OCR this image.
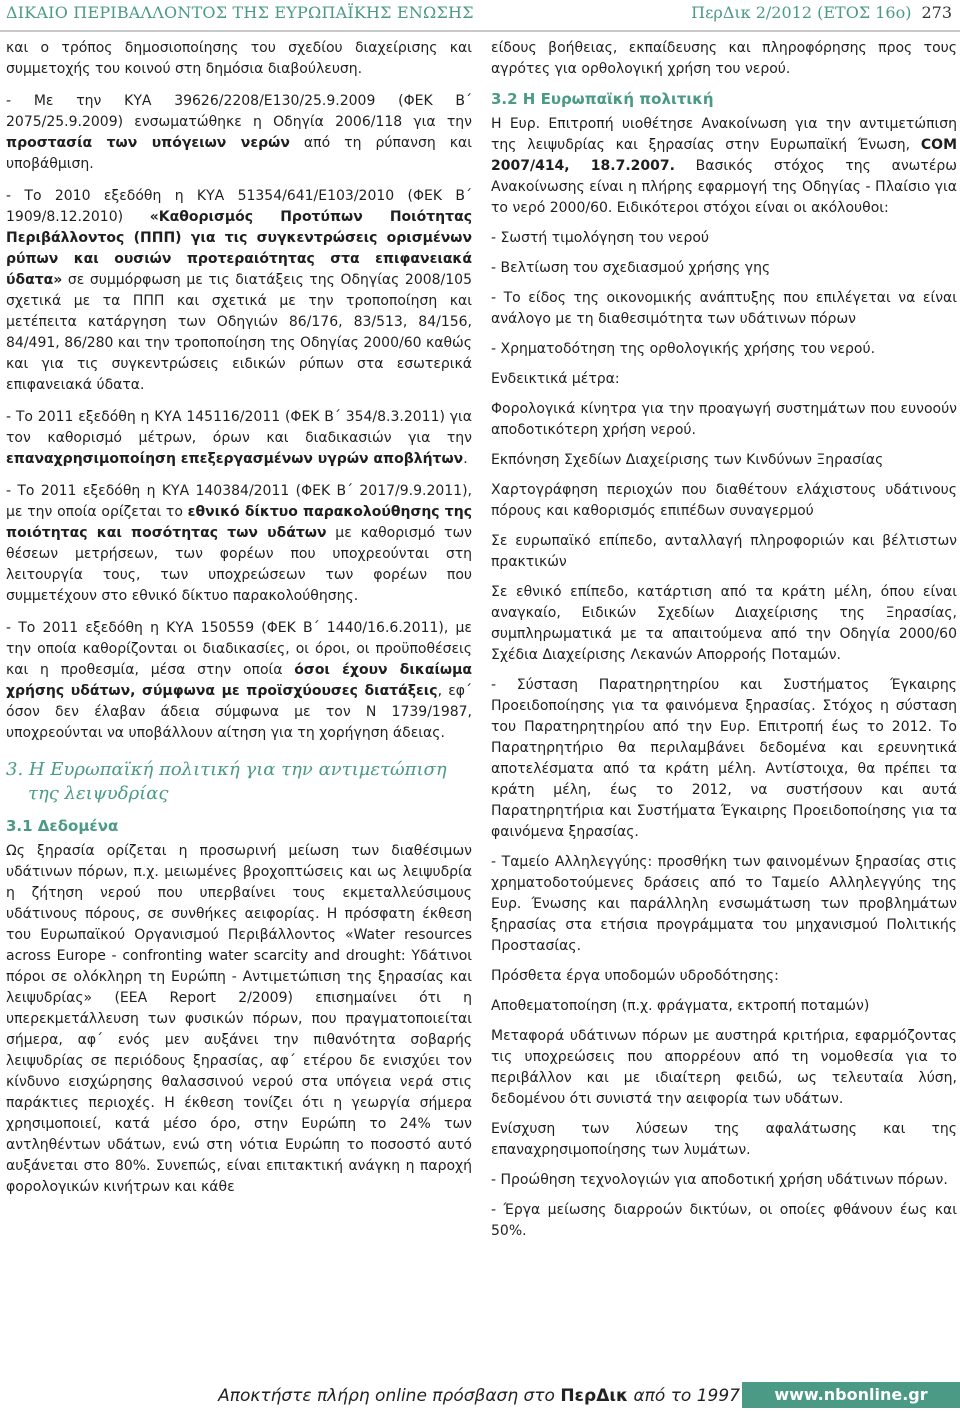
ΔΙΚΑΙΟ ΠΕΡΙΒΑΛΛΟΝΤΟΣ ΤΗΣ ΕΥΡΩΠΑΪΚΗΣ ΕΝΩΣΗΣ	ΠερΔικ 2/2012 (ΕΤΟΣ 16ο) 273

και ο τρόπος δημοσιοποίησης του σχεδίου διαχείρισης και συμμετοχής του κοινού στη δημόσια διαβούλευση.

- Με την ΚΥΑ 39626/2208/Ε130/25.9.2009 (ΦΕΚ Β΄ 2075/25.9.2009) ενσωματώθηκε η Οδηγία 2006/118 για την προστασία των υπόγειων νερών από τη ρύπανση και υποβάθμιση.

- Το 2010 εξεδόθη η ΚΥΑ 51354/641/Ε103/2010 (ΦΕΚ Β΄ 1909/8.12.2010) «Καθορισμός Προτύπων Ποιότητας Περιβάλλοντος (ΠΠΠ) για τις συγκεντρώσεις ορισμένων ρύπων και ουσιών προτεραιότητας στα επιφανειακά ύδατα» σε συμμόρφωση με τις διατάξεις της Οδηγίας 2008/105 σχετικά με τα ΠΠΠ και σχετικά με την τροποποίηση και μετέπειτα κατάργηση των Οδηγιών 86/176, 83/513, 84/156, 84/491, 86/280 και την τροποποίηση της Οδηγίας 2000/60 καθώς και για τις συγκεντρώσεις ειδικών ρύπων στα εσωτερικά επιφανειακά ύδατα.

- Το 2011 εξεδόθη η ΚΥΑ 145116/2011 (ΦΕΚ Β΄ 354/8.3.2011) για τον καθορισμό μέτρων, όρων και διαδικασιών για την επαναχρησιμοποίηση επεξεργασμένων υγρών αποβλήτων.

- Το 2011 εξεδόθη η ΚΥΑ 140384/2011 (ΦΕΚ Β΄ 2017/9.9.2011), με την οποία ορίζεται το εθνικό δίκτυο παρακολούθησης της ποιότητας και ποσότητας των υδάτων με καθορισμό των θέσεων μετρήσεων, των φορέων που υποχρεούνται στη λειτουργία τους, των υποχρεώσεων των φορέων που συμμετέχουν στο εθνικό δίκτυο παρακολούθησης.

- Το 2011 εξεδόθη η ΚΥΑ 150559 (ΦΕΚ Β΄ 1440/16.6.2011), με την οποία καθορίζονται οι διαδικασίες, οι όροι, οι προϋποθέσεις και η προθεσμία, μέσα στην οποία όσοι έχουν δικαίωμα χρήσης υδάτων, σύμφωνα με προϊσχύουσες διατάξεις, εφ΄ όσον δεν έλαβαν άδεια σύμφωνα με τον Ν 1739/1987, υποχρεούνται να υποβάλλουν αίτηση για τη χορήγηση άδειας.

3. Η Ευρωπαϊκή πολιτική για την αντιμετώπιση
της λειψυδρίας
3.1 Δεδομένα

Ως ξηρασία ορίζεται η προσωρινή μείωση των διαθέσιμων υδάτινων πόρων, π.χ. μειωμένες βροχοπτώσεις και ως λειψυδρία η ζήτηση νερού που υπερβαίνει τους εκμεταλλεύσιμους υδάτινους πόρους, σε συνθήκες αειφορίας. Η πρόσφατη έκθεση του Ευρωπαϊκού Οργανισμού Περιβάλλοντος «Water resources across Europe - confronting water scarcity and drought: Υδάτινοι πόροι σε ολόκληρη τη Ευρώπη - Αντιμετώπιση της ξηρασίας και λειψυδρίας» (EEA Report 2/2009) επισημαίνει ότι η υπερεκμετάλλευση των φυσικών πόρων, που πραγματοποιείται σήμερα, αφ΄ ενός μεν αυξάνει την πιθανότητα σοβαρής λειψυδρίας σε περιόδους ξηρασίας, αφ΄ ετέρου δε ενισχύει τον κίνδυνο εισχώρησης θαλασσινού νερού στα υπόγεια νερά στις παράκτιες περιοχές. Η έκθεση τονίζει ότι η γεωργία σήμερα χρησιμοποιεί, κατά μέσο όρο, στην Ευρώπη το 24% των αντληθέντων υδάτων, ενώ στη νότια Ευρώπη το ποσοστό αυτό αυξάνεται στο 80%. Συνεπώς, είναι επιτακτική ανάγκη η παροχή φορολογικών κινήτρων και κάθε

είδους βοήθειας, εκπαίδευσης και πληροφόρησης προς τους αγρότες για ορθολογική χρήση του νερού.

3.2 Η Ευρωπαϊκή πολιτική

Η Ευρ. Επιτροπή υιοθέτησε Ανακοίνωση για την αντιμετώπιση της λειψυδρίας και ξηρασίας στην Ευρωπαϊκή Ένωση, COM 2007/414, 18.7.2007. Βασικός στόχος της ανωτέρω Ανακοίνωσης είναι η πλήρης εφαρμογή της Οδηγίας - Πλαίσιο για το νερό 2000/60. Ειδικότεροι στόχοι είναι οι ακόλουθοι:

- Σωστή τιμολόγηση του νερού

- Βελτίωση του σχεδιασμού χρήσης γης

- Το είδος της οικονομικής ανάπτυξης που επιλέγεται να είναι ανάλογο με τη διαθεσιμότητα των υδάτινων πόρων

- Χρηματοδότηση της ορθολογικής χρήσης του νερού.

Ενδεικτικά μέτρα:

Φορολογικά κίνητρα για την προαγωγή συστημάτων που ευνοούν αποδοτικότερη χρήση νερού.

Εκπόνηση Σχεδίων Διαχείρισης των Κινδύνων Ξηρασίας

Χαρτογράφηση περιοχών που διαθέτουν ελάχιστους υδάτινους πόρους και καθορισμός επιπέδων συναγερμού

Σε ευρωπαϊκό επίπεδο, ανταλλαγή πληροφοριών και βέλτιστων πρακτικών

Σε εθνικό επίπεδο, κατάρτιση από τα κράτη μέλη, όπου είναι αναγκαίο, Ειδικών Σχεδίων Διαχείρισης της Ξηρασίας, συμπληρωματικά με τα απαιτούμενα από την Οδηγία 2000/60 Σχέδια Διαχείρισης Λεκανών Απορροής Ποταμών.

- Σύσταση Παρατηρητηρίου και Συστήματος Έγκαιρης Προειδοποίησης για τα φαινόμενα ξηρασίας. Στόχος η σύσταση του Παρατηρητηρίου από την Ευρ. Επιτροπή έως το 2012. Το Παρατηρητήριο θα περιλαμβάνει δεδομένα και ερευνητικά αποτελέσματα από τα κράτη μέλη. Αντίστοιχα, θα πρέπει τα κράτη μέλη, έως το 2012, να συστήσουν και αυτά Παρατηρητήρια και Συστήματα Έγκαιρης Προειδοποίησης για τα φαινόμενα ξηρασίας.

- Ταμείο Αλληλεγγύης: προσθήκη των φαινομένων ξηρασίας στις χρηματοδοτούμενες δράσεις από το Ταμείο Αλληλεγγύης της Ευρ. Ένωσης και παράλληλη ενσωμάτωση των προβλημάτων ξηρασίας στα ετήσια προγράμματα του μηχανισμού Πολιτικής Προστασίας.

Πρόσθετα έργα υποδομών υδροδότησης:

Αποθεματοποίηση (π.χ. φράγματα, εκτροπή ποταμών)

Μεταφορά υδάτινων πόρων με αυστηρά κριτήρια, εφαρμόζοντας τις υποχρεώσεις που απορρέουν από τη νομοθεσία για το περιβάλλον και με ιδιαίτερη φειδώ, ως τελευταία λύση, δεδομένου ότι συνιστά την αειφορία των υδάτων.

Ενίσχυση των λύσεων της αφαλάτωσης και της επαναχρησιμοποίησης των λυμάτων.

- Προώθηση τεχνολογιών για αποδοτική χρήση υδάτινων πόρων.

- Έργα μείωσης διαρροών δικτύων, οι οποίες φθάνουν έως και 50%.

Αποκτήστε πλήρη online πρόσβαση στο ΠερΔικ από το 1997	www.nbonline.gr
